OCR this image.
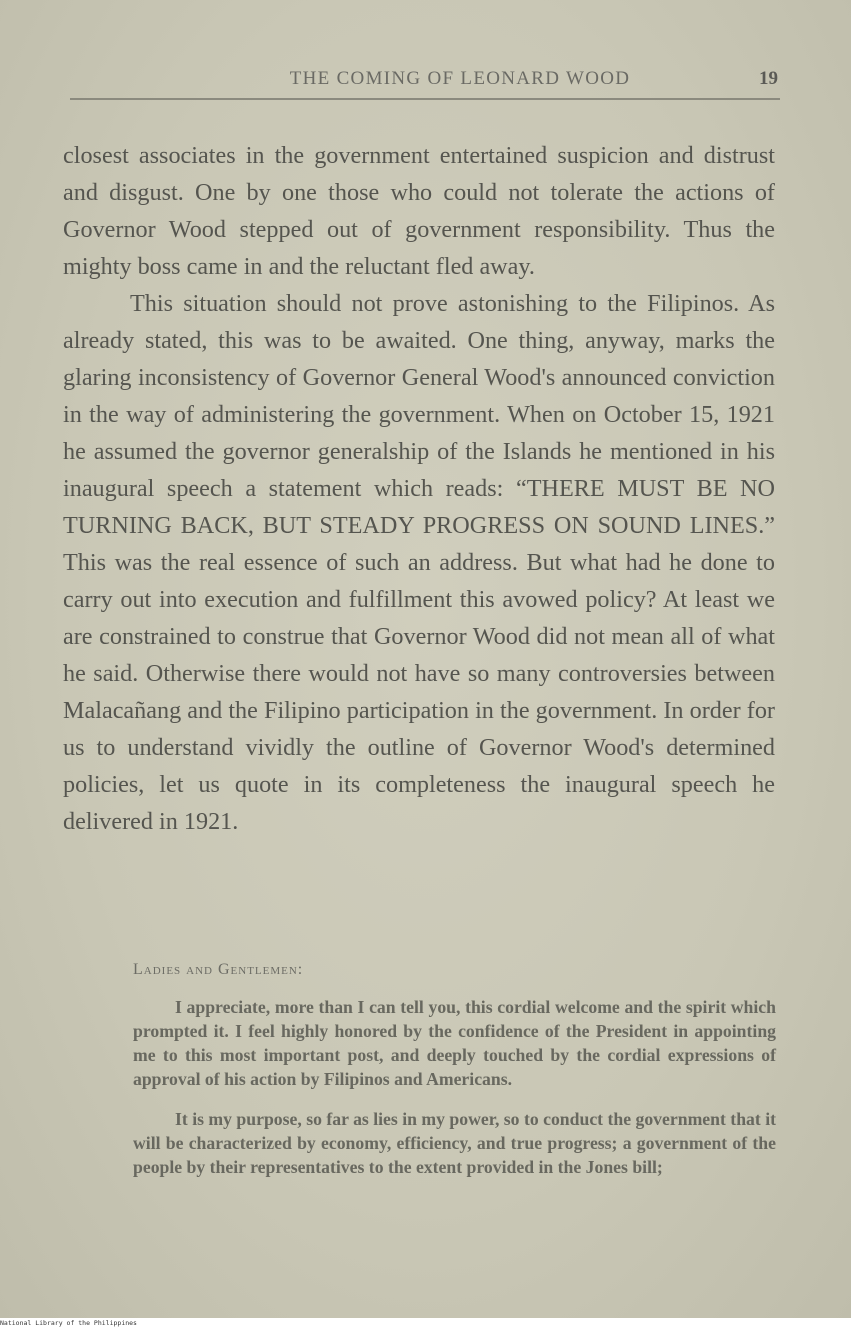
THE COMING OF LEONARD WOOD	19

closest associates in the government entertained suspicion and distrust and disgust. One by one those who could not tolerate the actions of Governor Wood stepped out of government responsibility. Thus the mighty boss came in and the reluctant fled away.

This situation should not prove astonishing to the Filipinos. As already stated, this was to be awaited. One thing, anyway, marks the glaring inconsistency of Governor General Wood's announced conviction in the way of administering the government. When on October 15, 1921 he assumed the governor generalship of the Islands he mentioned in his inaugural speech a statement which reads: “THERE MUST BE NO TURNING BACK, BUT STEADY PROGRESS ON SOUND LINES.” This was the real essence of such an address. But what had he done to carry out into execution and fulfillment this avowed policy? At least we are constrained to construe that Governor Wood did not mean all of what he said. Otherwise there would not have so many controversies between Malacañang and the Filipino participation in the government. In order for us to understand vividly the outline of Governor Wood's determined policies, let us quote in its completeness the inaugural speech he delivered in 1921.

Ladies and Gentlemen:

I appreciate, more than I can tell you, this cordial welcome and the spirit which prompted it. I feel highly honored by the confidence of the President in appointing me to this most important post, and deeply touched by the cordial expressions of approval of his action by Filipinos and Americans.

It is my purpose, so far as lies in my power, so to conduct the government that it will be characterized by economy, efficiency, and true progress; a government of the people by their representatives to the extent provided in the Jones bill;

National Library of the Philippines
